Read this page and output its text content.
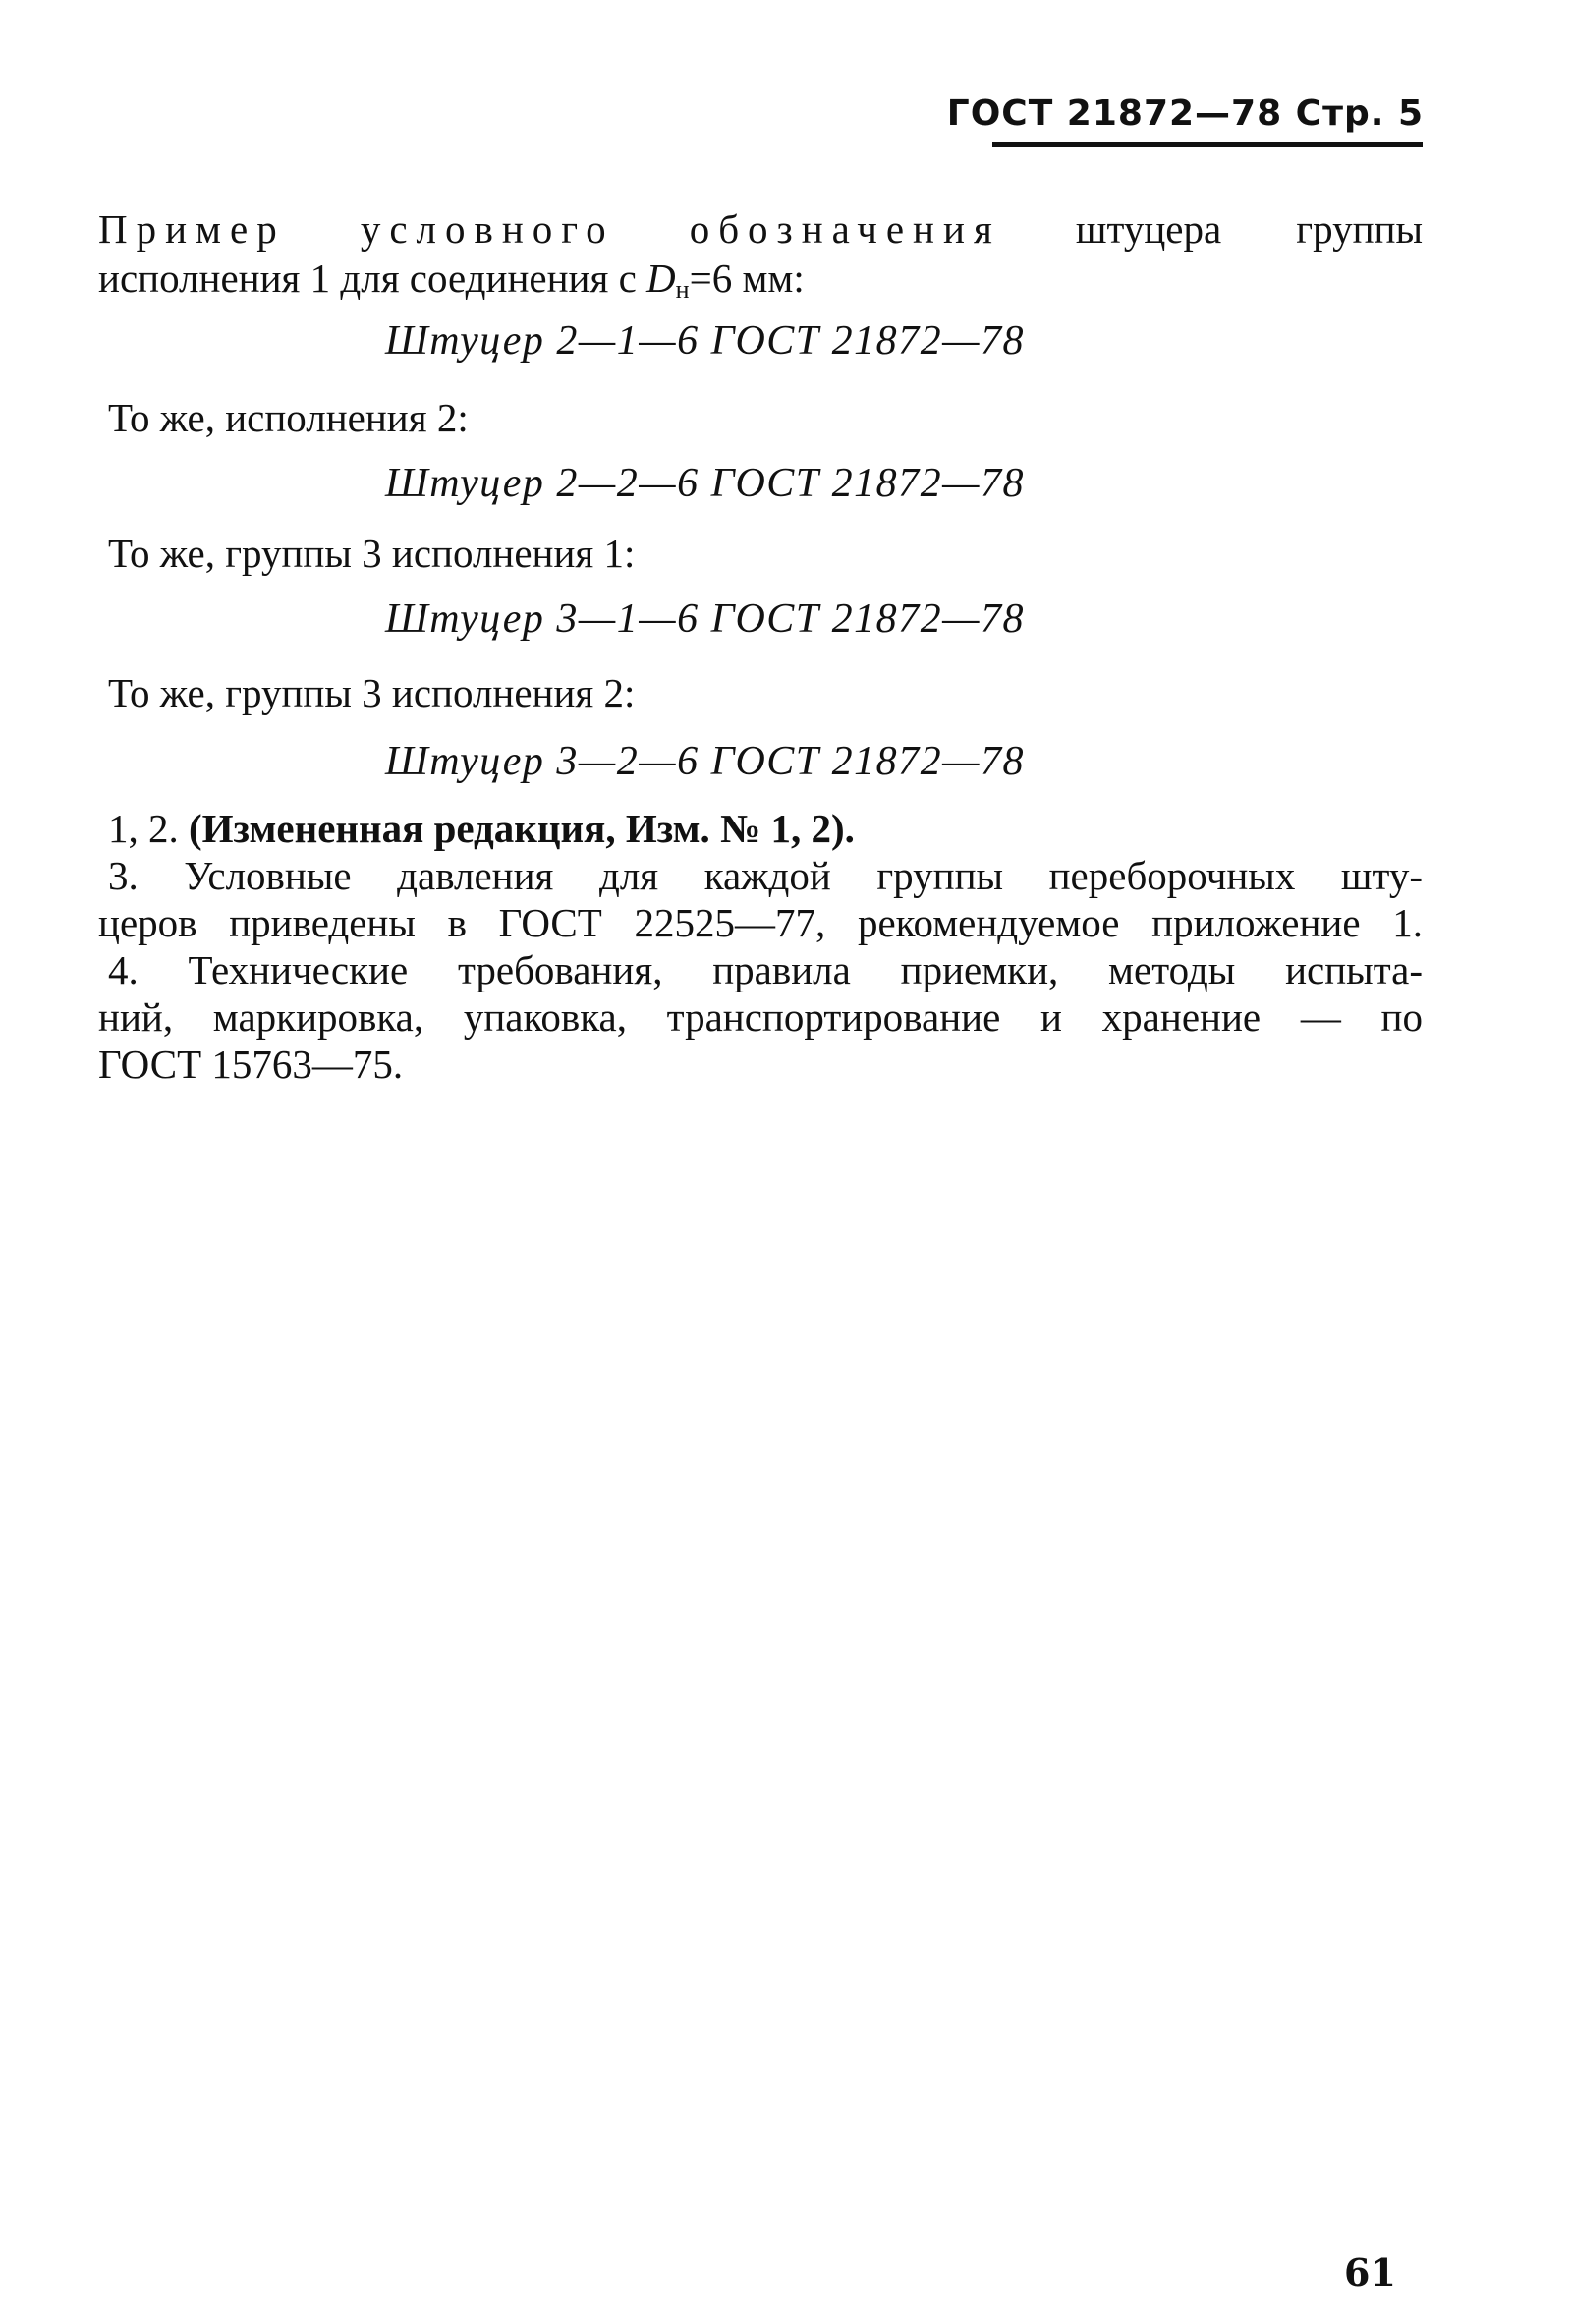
ГОСТ 21872—78 Стр. 5
Пример условного обозначения штуцера группы
исполнения 1 для соединения с $D_н=6$ мм:
Штуцер 2—1—6 ГОСТ 21872—78
То же, исполнения 2:
Штуцер 2—2—6 ГОСТ 21872—78
То же, группы 3 исполнения 1:
Штуцер 3—1—6 ГОСТ 21872—78
То же, группы 3 исполнения 2:
Штуцер 3—2—6 ГОСТ 21872—78
1, 2. (Измененная редакция, Изм. № 1, 2).
3. Условные давления для каждой группы переборочных шту-
церов приведены в ГОСТ 22525—77, рекомендуемое приложение 1.
4. Технические требования, правила приемки, методы испыта-
ний, маркировка, упаковка, транспортирование и хранение — по
ГОСТ 15763—75.
61
